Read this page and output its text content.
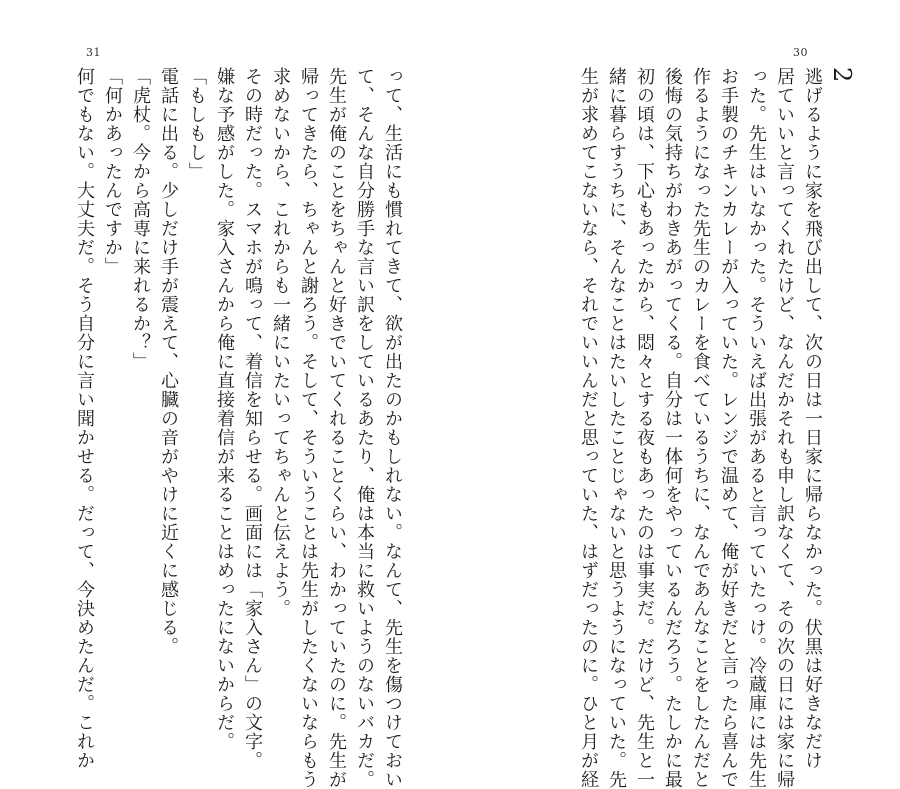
31

って、生活にも慣れてきて、欲が出たのかもしれない。なんて、先生を傷つけておい

て、そんな自分勝手な言い訳をしているあたり、俺は本当に救いようのないバカだ。

先生が俺のことをちゃんと好きでいてくれることくらい、わかっていたのに。先生が

帰ってきたら、ちゃんと謝ろう。そして、そういうことは先生がしたくないならもう

求めないから、これからも一緒にいたいってちゃんと伝えよう。

その時だった。スマホが鳴って、着信を知らせる。画面には「家入さん」の文字。

嫌な予感がした。家入さんから俺に直接着信が来ることはめったにないからだ。

「もしもし」

電話に出る。少しだけ手が震えて、心臓の音がやけに近くに感じる。

「虎杖。今から高専に来れるか？」

「何かあったんですか」

何でもない。大丈夫だ。そう自分に言い聞かせる。だって、今決めたんだ。これか

30
2

逃げるように家を飛び出して、次の日は一日家に帰らなかった。伏黒は好きなだけ

居ていいと言ってくれたけど、なんだかそれも申し訳なくて、その次の日には家に帰

った。先生はいなかった。そういえば出張があると言っていたっけ。冷蔵庫には先生

お手製のチキンカレーが入っていた。レンジで温めて、俺が好きだと言ったら喜んで

作るようになった先生のカレーを食べているうちに、なんであんなことをしたんだと

後悔の気持ちがわきあがってくる。自分は一体何をやっているんだろう。たしかに最

初の頃は、下心もあったから、悶々とする夜もあったのは事実だ。だけど、先生と一

緒に暮らすうちに、そんなことはたいしたことじゃないと思うようになっていた。先

生が求めてこないなら、それでいいんだと思っていた、はずだったのに。ひと月が経
